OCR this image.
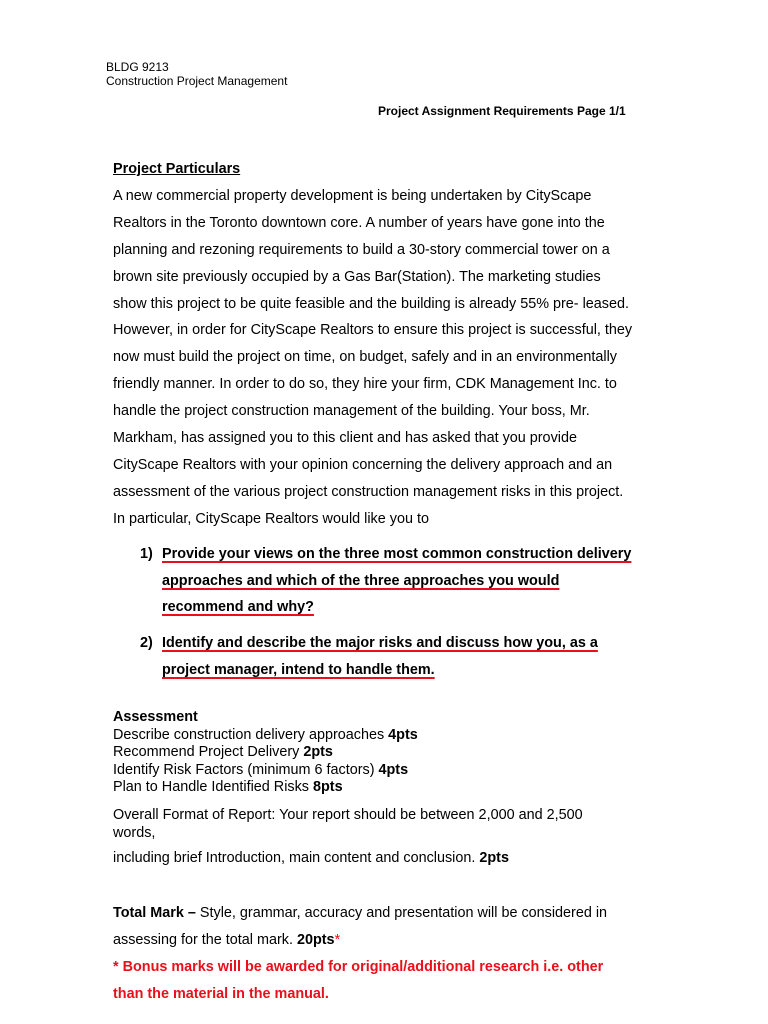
BLDG 9213
Construction Project Management
Project Assignment Requirements Page 1/1
Project Particulars
A new commercial property development is being undertaken by CityScape
Realtors in the Toronto downtown core. A number of years have gone into the
planning and rezoning requirements to build a 30-story commercial tower on a
brown site previously occupied by a Gas Bar(Station). The marketing studies
show this project to be quite feasible and the building is already 55% pre- leased.
However, in order for CityScape Realtors to ensure this project is successful, they
now must build the project on time, on budget, safely and in an environmentally
friendly manner. In order to do so, they hire your firm, CDK Management Inc. to
handle the project construction management of the building. Your boss, Mr.
Markham, has assigned you to this client and has asked that you provide
CityScape Realtors with your opinion concerning the delivery approach and an
assessment of the various project construction management risks in this project.
In particular, CityScape Realtors would like you to
1) Provide your views on the three most common construction delivery
approaches and which of the three approaches you would
recommend and why?
2) Identify and describe the major risks and discuss how you, as a
project manager, intend to handle them.
Assessment
Describe construction delivery approaches 4pts
Recommend Project Delivery 2pts
Identify Risk Factors (minimum 6 factors) 4pts
Plan to Handle Identified Risks 8pts
Overall Format of Report: Your report should be between 2,000 and 2,500
words,
including brief Introduction, main content and conclusion. 2pts
Total Mark – Style, grammar, accuracy and presentation will be considered in
assessing for the total mark. 20pts*
* Bonus marks will be awarded for original/additional research i.e. other
than the material in the manual.
